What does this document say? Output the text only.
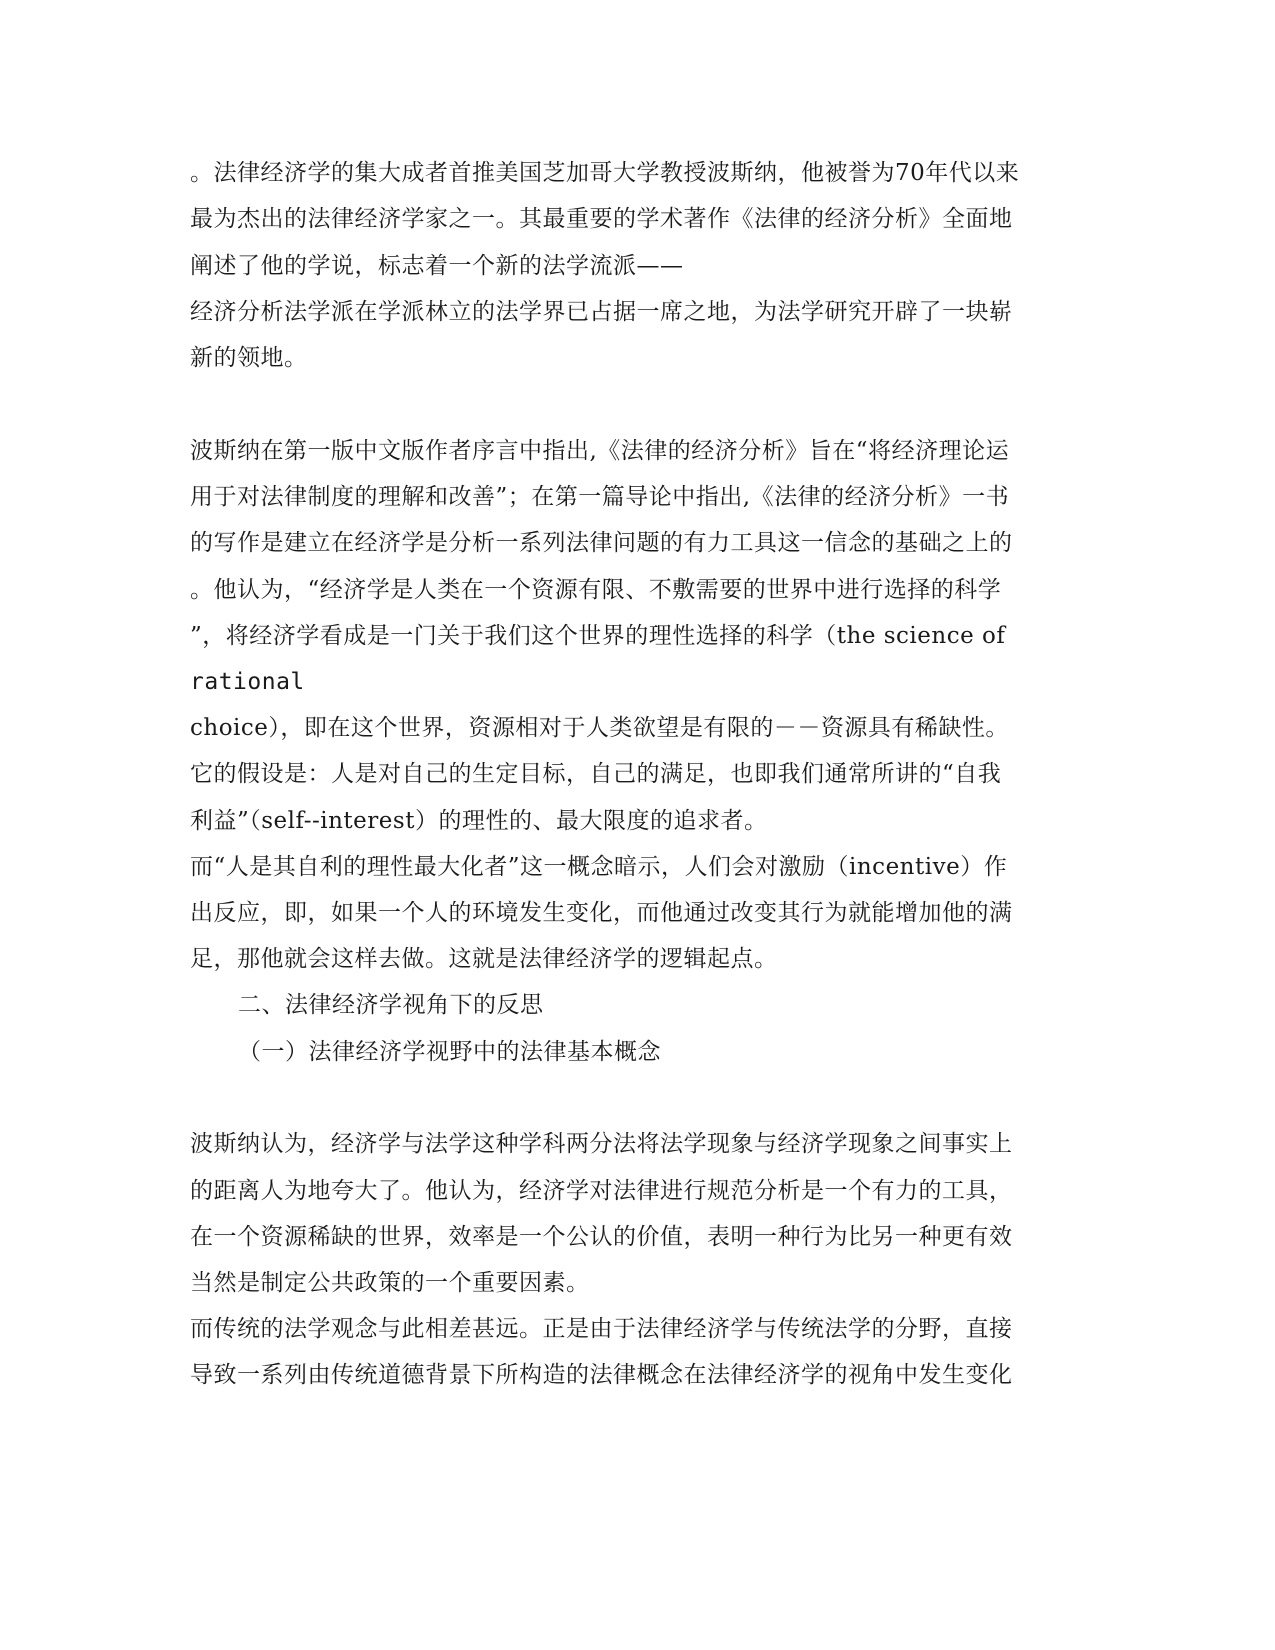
。法律经济学的集大成者首推美国芝加哥大学教授波斯纳，他被誉为70年代以来
最为杰出的法律经济学家之一。其最重要的学术著作《法律的经济分析》全面地
阐述了他的学说，标志着一个新的法学流派——
经济分析法学派在学派林立的法学界已占据一席之地，为法学研究开辟了一块崭
新的领地。
波斯纳在第一版中文版作者序言中指出,《法律的经济分析》旨在“将经济理论运
用于对法律制度的理解和改善”；在第一篇导论中指出,《法律的经济分析》一书
的写作是建立在经济学是分析一系列法律问题的有力工具这一信念的基础之上的
。他认为，“经济学是人类在一个资源有限、不敷需要的世界中进行选择的科学
”，将经济学看成是一门关于我们这个世界的理性选择的科学（the science of
rational
choice），即在这个世界，资源相对于人类欲望是有限的－－资源具有稀缺性。
它的假设是：人是对自己的生定目标，自己的满足，也即我们通常所讲的“自我
利益”（self--interest）的理性的、最大限度的追求者。
而“人是其自利的理性最大化者”这一概念暗示，人们会对激励（incentive）作
出反应，即，如果一个人的环境发生变化，而他通过改变其行为就能增加他的满
足，那他就会这样去做。这就是法律经济学的逻辑起点。
二、法律经济学视角下的反思
（一）法律经济学视野中的法律基本概念
波斯纳认为，经济学与法学这种学科两分法将法学现象与经济学现象之间事实上
的距离人为地夸大了。他认为，经济学对法律进行规范分析是一个有力的工具，
在一个资源稀缺的世界，效率是一个公认的价值，表明一种行为比另一种更有效
当然是制定公共政策的一个重要因素。
而传统的法学观念与此相差甚远。正是由于法律经济学与传统法学的分野，直接
导致一系列由传统道德背景下所构造的法律概念在法律经济学的视角中发生变化
